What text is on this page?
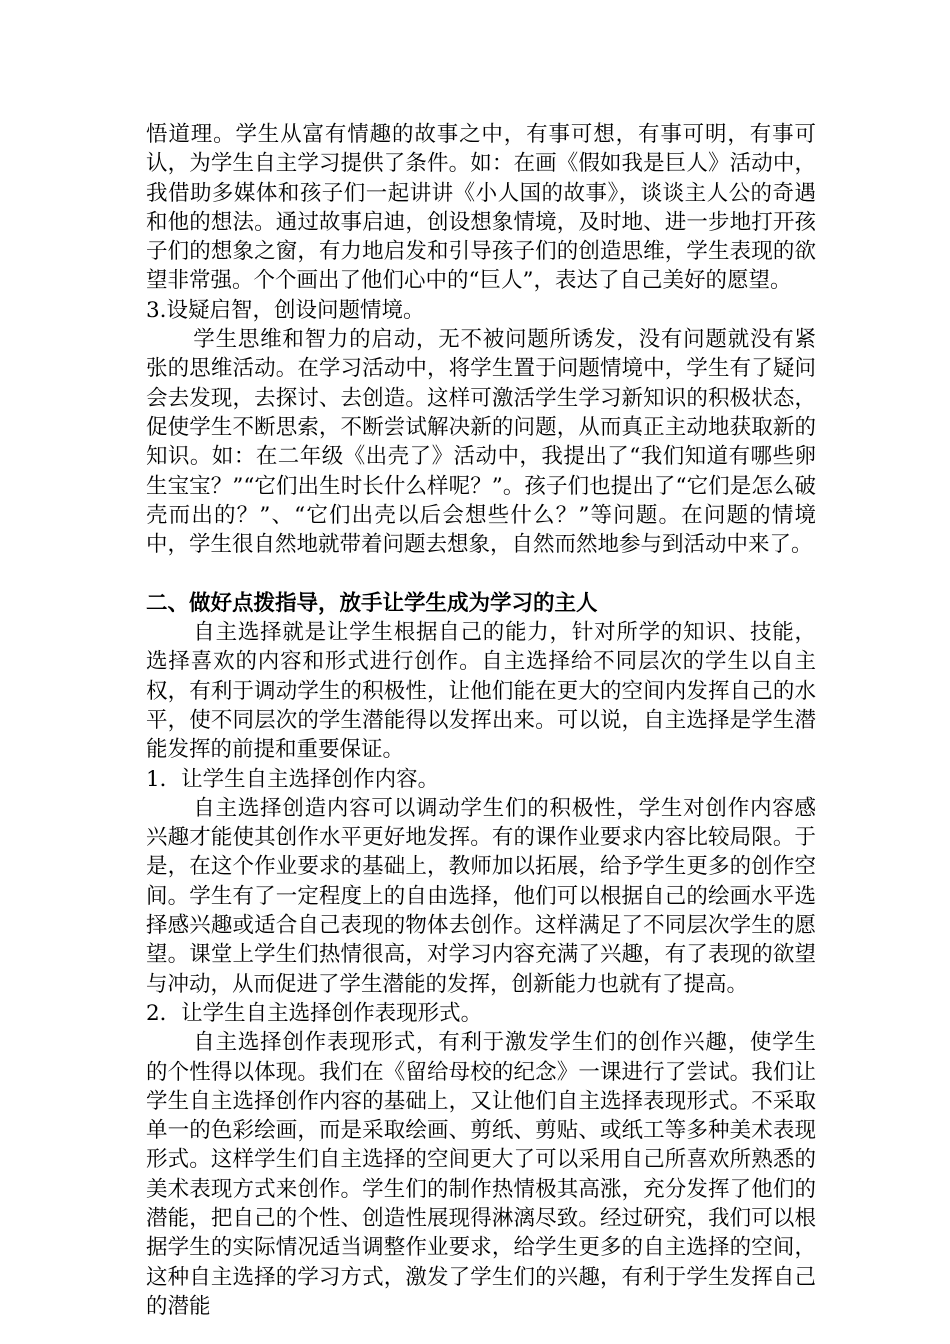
悟道理。学生从富有情趣的故事之中，有事可想，有事可明，有事可认，为学生自主学习提供了条件。如：在画《假如我是巨人》活动中，我借助多媒体和孩子们一起讲讲《小人国的故事》，谈谈主人公的奇遇和他的想法。通过故事启迪，创设想象情境，及时地、进一步地打开孩子们的想象之窗，有力地启发和引导孩子们的创造思维，学生表现的欲望非常强。个个画出了他们心中的“巨人”，表达了自己美好的愿望。

3.设疑启智，创设问题情境。

学生思维和智力的启动，无不被问题所诱发，没有问题就没有紧张的思维活动。在学习活动中，将学生置于问题情境中，学生有了疑问会去发现，去探讨、去创造。这样可激活学生学习新知识的积极状态，促使学生不断思索，不断尝试解决新的问题，从而真正主动地获取新的知识。如：在二年级《出壳了》活动中，我提出了“我们知道有哪些卵生宝宝？”“它们出生时长什么样呢？”。孩子们也提出了“它们是怎么破壳而出的？”、“它们出壳以后会想些什么？”等问题。在问题的情境中，学生很自然地就带着问题去想象，自然而然地参与到活动中来了。

二、做好点拨指导，放手让学生成为学习的主人

自主选择就是让学生根据自己的能力，针对所学的知识、技能，选择喜欢的内容和形式进行创作。自主选择给不同层次的学生以自主权，有利于调动学生的积极性，让他们能在更大的空间内发挥自己的水平，使不同层次的学生潜能得以发挥出来。可以说，自主选择是学生潜能发挥的前提和重要保证。

1．让学生自主选择创作内容。

自主选择创造内容可以调动学生们的积极性，学生对创作内容感兴趣才能使其创作水平更好地发挥。有的课作业要求内容比较局限。于是，在这个作业要求的基础上，教师加以拓展，给予学生更多的创作空间。学生有了一定程度上的自由选择，他们可以根据自己的绘画水平选择感兴趣或适合自己表现的物体去创作。这样满足了不同层次学生的愿望。课堂上学生们热情很高，对学习内容充满了兴趣，有了表现的欲望与冲动，从而促进了学生潜能的发挥，创新能力也就有了提高。

2．让学生自主选择创作表现形式。

自主选择创作表现形式，有利于激发学生们的创作兴趣，使学生的个性得以体现。我们在《留给母校的纪念》一课进行了尝试。我们让学生自主选择创作内容的基础上，又让他们自主选择表现形式。不采取单一的色彩绘画，而是采取绘画、剪纸、剪贴、或纸工等多种美术表现形式。这样学生们自主选择的空间更大了可以采用自己所喜欢所熟悉的美术表现方式来创作。学生们的制作热情极其高涨，充分发挥了他们的潜能，把自己的个性、创造性展现得淋漓尽致。经过研究，我们可以根据学生的实际情况适当调整作业要求，给学生更多的自主选择的空间，这种自主选择的学习方式，激发了学生们的兴趣，有利于学生发挥自己的潜能
